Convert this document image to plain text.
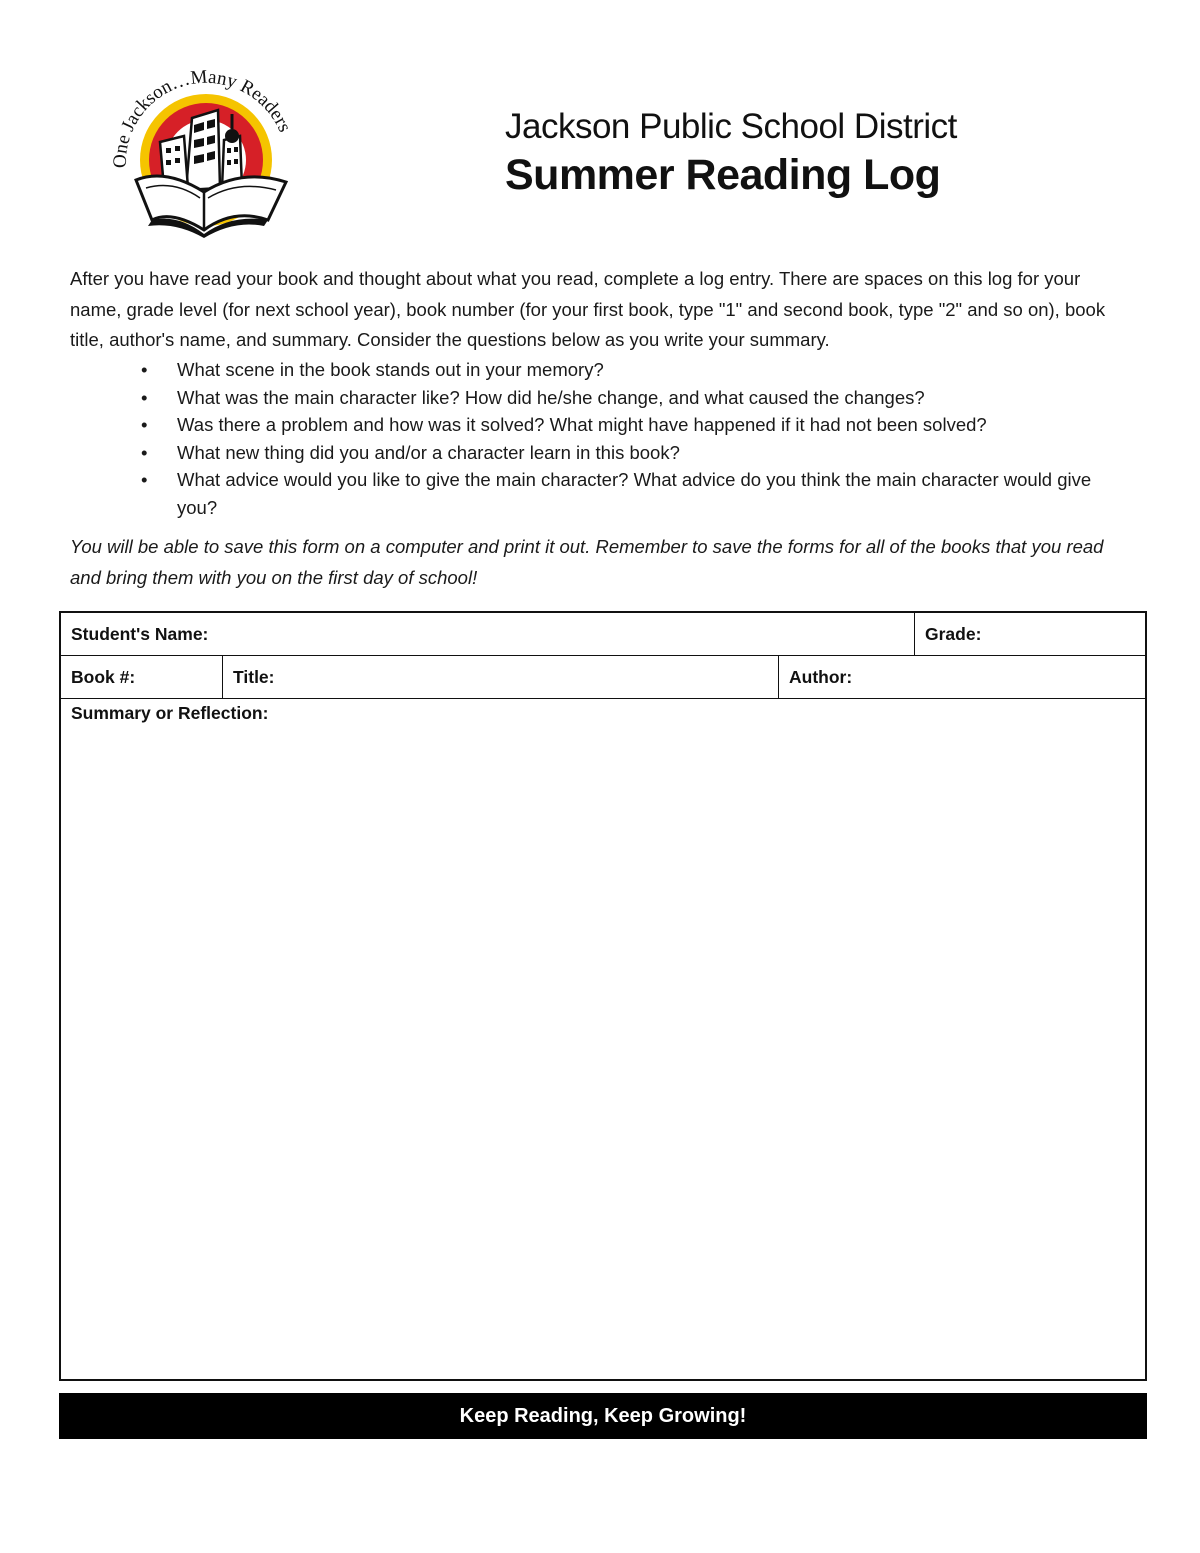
One Jackson…Many Readers	Jackson Public School District
Summer Reading Log
After you have read your book and thought about what you read, complete a log entry. There are spaces on this log for your name, grade level (for next school year), book number (for your first book, type "1" and second book, type "2" and so on), book title, author's name, and summary. Consider the questions below as you write your summary.
• What scene in the book stands out in your memory?
• What was the main character like? How did he/she change, and what caused the changes?
• Was there a problem and how was it solved? What might have happened if it had not been solved?
• What new thing did you and/or a character learn in this book?
• What advice would you like to give the main character? What advice do you think the main character would give you?
You will be able to save this form on a computer and print it out. Remember to save the forms for all of the books that you read and bring them with you on the first day of school!
Student's Name:	Grade:
Book #:	Title:	Author:
Summary or Reflection:
Keep Reading, Keep Growing!
